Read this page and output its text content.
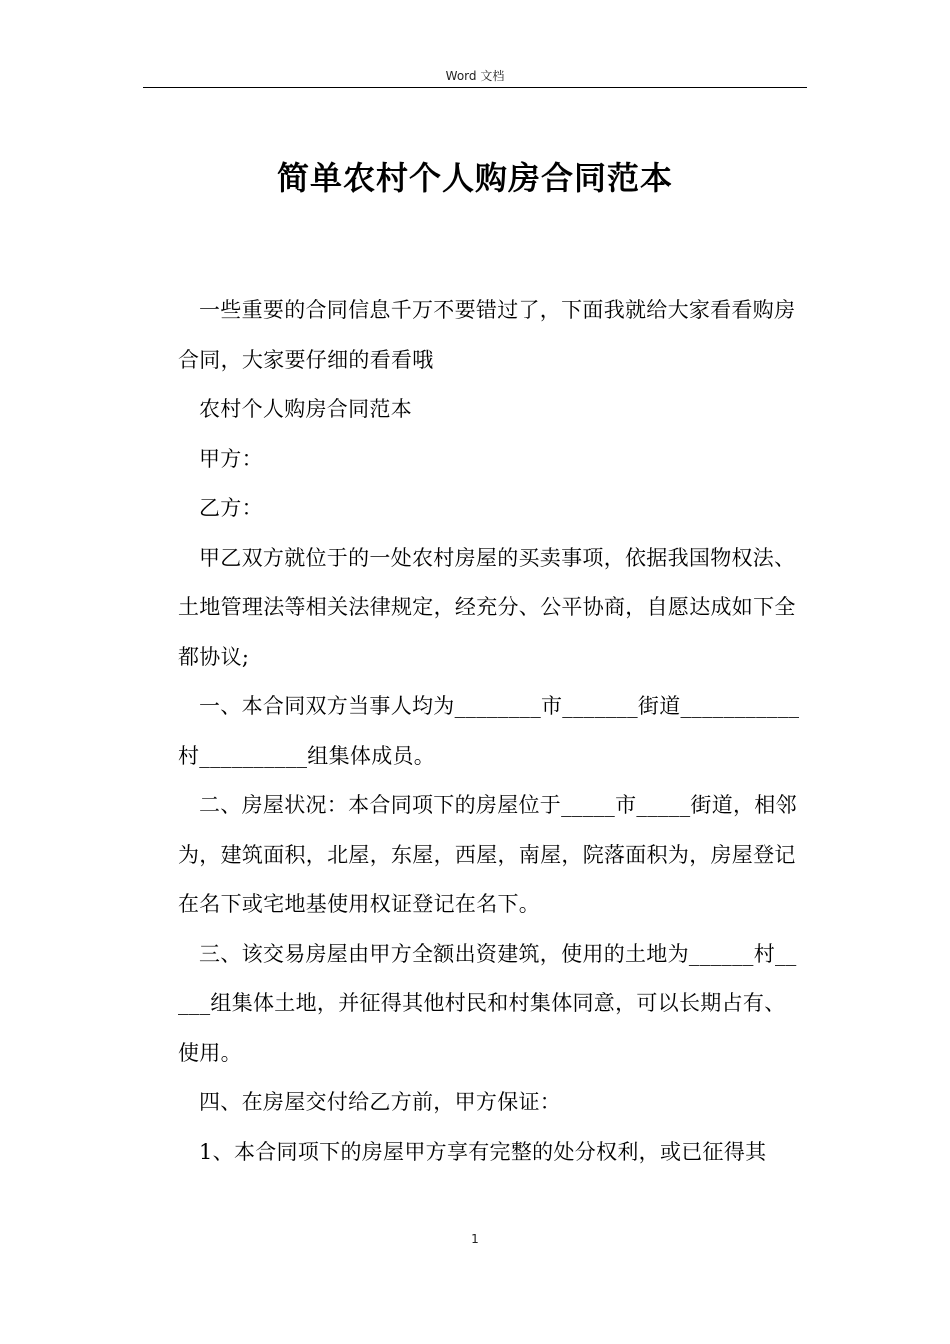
Word 文档
简单农村个人购房合同范本

一些重要的合同信息千万不要错过了，下面我就给大家看看购房合同，大家要仔细的看看哦

农村个人购房合同范本

甲方：

乙方：

甲乙双方就位于的一处农村房屋的买卖事项，依据我国物权法、土地管理法等相关法律规定，经充分、公平协商，自愿达成如下全都协议;

一、本合同双方当事人均为________市_______街道___________村__________组集体成员。

二、房屋状况：本合同项下的房屋位于_____市_____街道，相邻为，建筑面积，北屋，东屋，西屋，南屋，院落面积为，房屋登记在名下或宅地基使用权证登记在名下。

三、该交易房屋由甲方全额出资建筑，使用的土地为______村_____组集体土地，并征得其他村民和村集体同意，可以长期占有、使用。

四、在房屋交付给乙方前，甲方保证：

1、本合同项下的房屋甲方享有完整的处分权利，或已征得其

1
